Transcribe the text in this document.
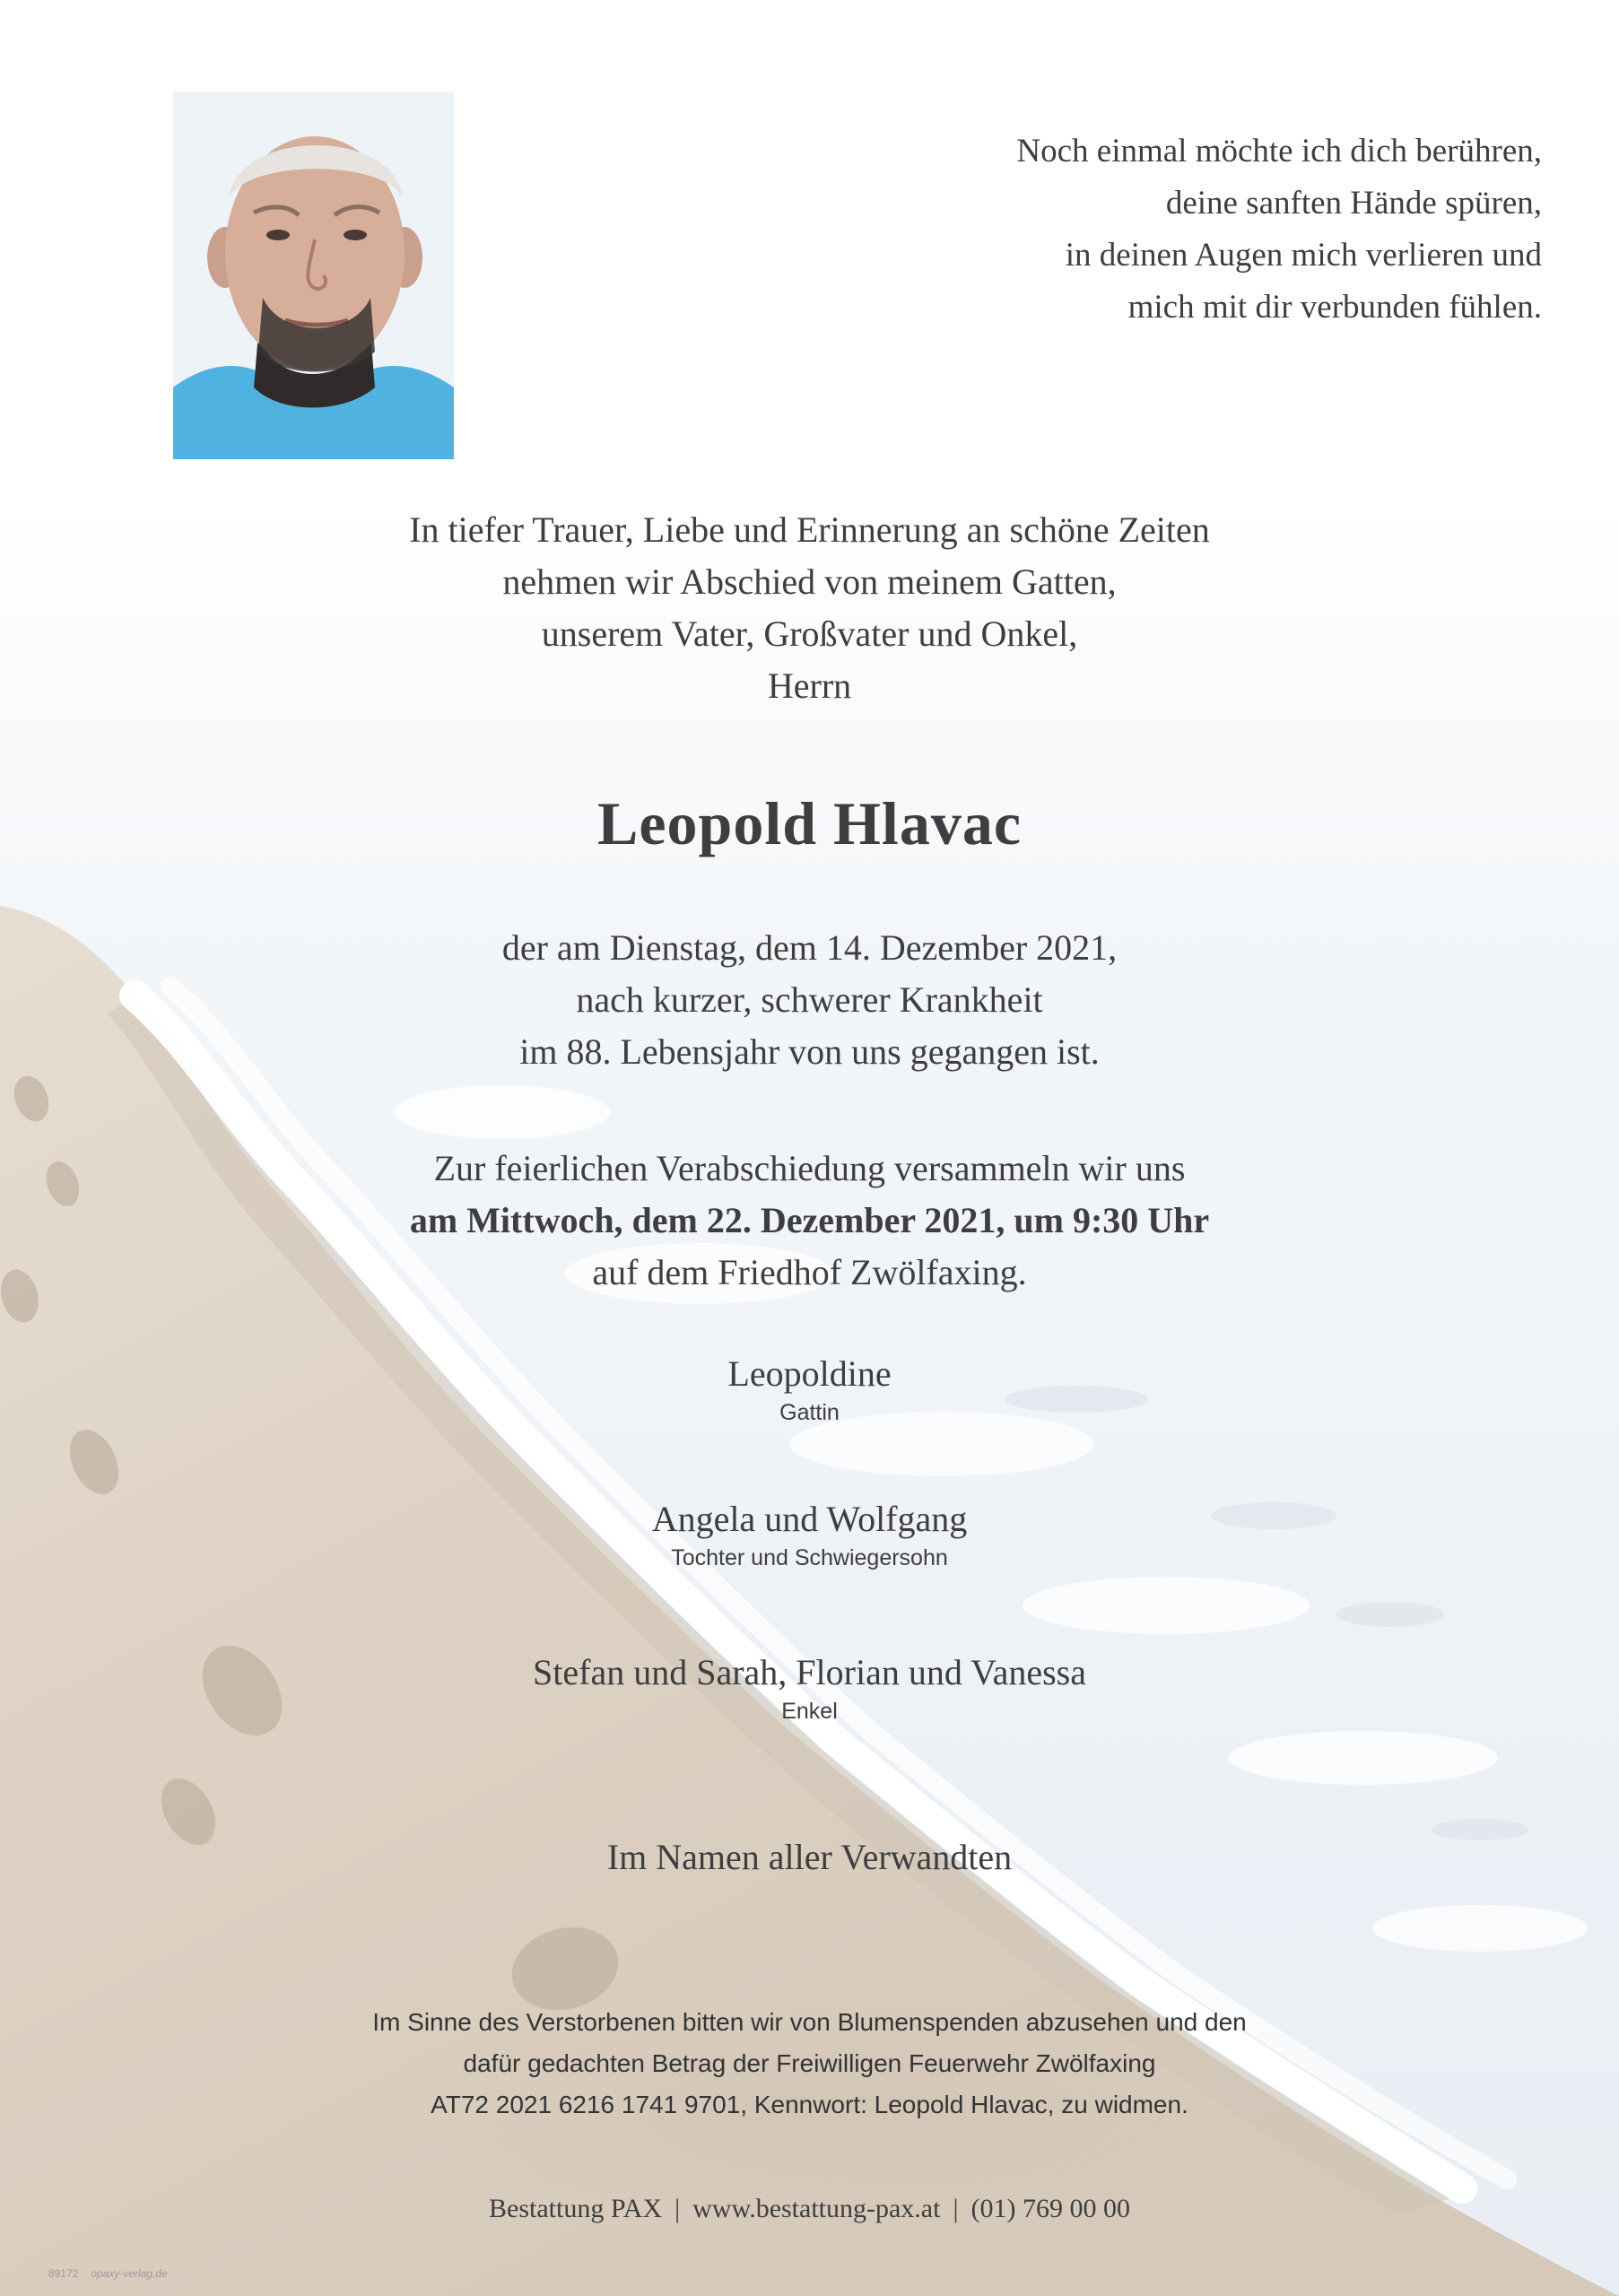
Noch einmal möchte ich dich berühren,
deine sanften Hände spüren,
in deinen Augen mich verlieren und
mich mit dir verbunden fühlen.
In tiefer Trauer, Liebe und Erinnerung an schöne Zeiten
nehmen wir Abschied von meinem Gatten,
unserem Vater, Großvater und Onkel,
Herrn
Leopold Hlavac
der am Dienstag, dem 14. Dezember 2021,
nach kurzer, schwerer Krankheit
im 88. Lebensjahr von uns gegangen ist.
Zur feierlichen Verabschiedung versammeln wir uns
am Mittwoch, dem 22. Dezember 2021, um 9:30 Uhr
auf dem Friedhof Zwölfaxing.
Leopoldine
Gattin
Angela und Wolfgang
Tochter und Schwiegersohn
Stefan und Sarah, Florian und Vanessa
Enkel
Im Namen aller Verwandten
Im Sinne des Verstorbenen bitten wir von Blumenspenden abzusehen und den
dafür gedachten Betrag der Freiwilligen Feuerwehr Zwölfaxing
AT72 2021 6216 1741 9701, Kennwort: Leopold Hlavac, zu widmen.
Bestattung PAX | www.bestattung-pax.at | (01) 769 00 00
89172 opaxy-verlag.de
